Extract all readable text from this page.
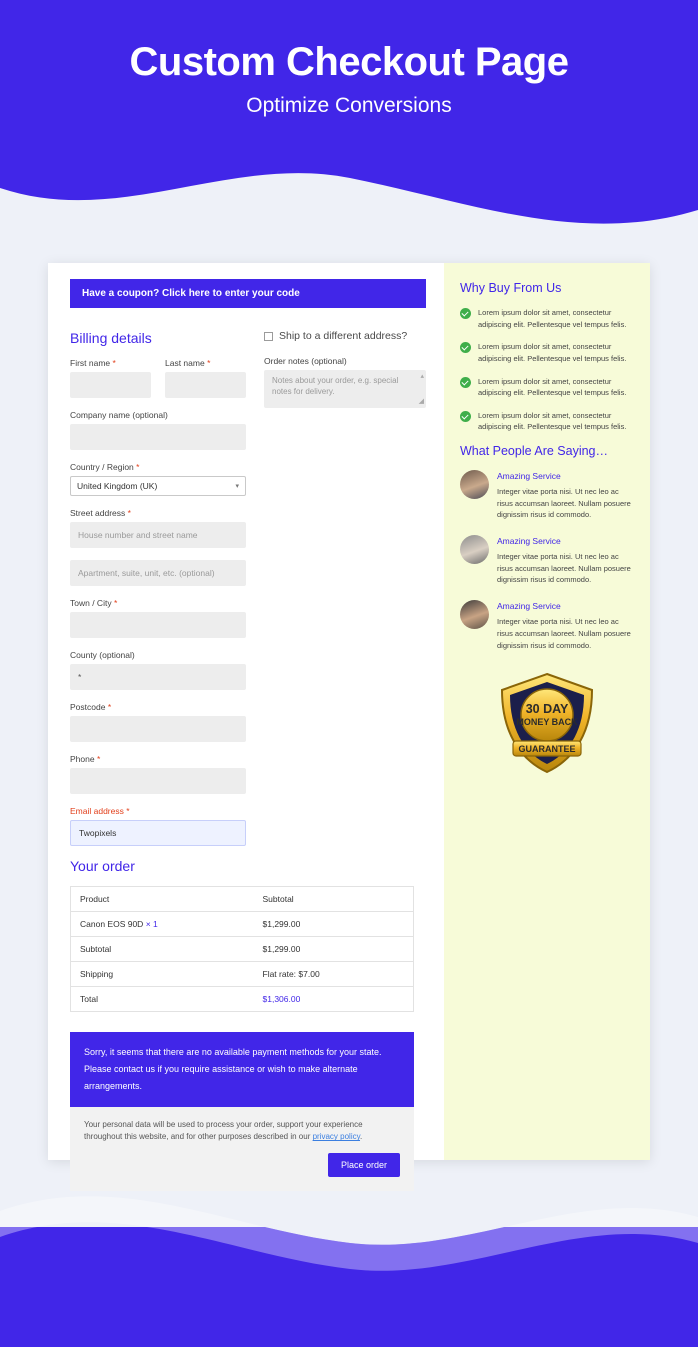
Custom Checkout Page
Optimize Conversions
Have a coupon? Click here to enter your code
Billing details
First name *	Last name *
Company name (optional)
Country / Region *
United Kingdom (UK)	▾
Street address *
House number and street name
Apartment, suite, unit, etc. (optional)
Town / City *
County (optional)
*
Postcode *
Phone *
Email address *
Twopixels
Ship to a different address?
Order notes (optional)
Notes about your order, e.g. special notes for delivery.
▴
◢
Your order
Product	Subtotal
Canon EOS 90D × 1	$1,299.00
Subtotal	$1,299.00
Shipping	Flat rate: $7.00
Total	$1,306.00
Sorry, it seems that there are no available payment methods for your state. Please contact us if you require assistance or wish to make alternate arrangements.
Your personal data will be used to process your order, support your experience throughout this website, and for other purposes described in our privacy policy.
Place order
Why Buy From Us

Lorem ipsum dolor sit amet, consectetur adipiscing elit. Pellentesque vel tempus felis.

Lorem ipsum dolor sit amet, consectetur adipiscing elit. Pellentesque vel tempus felis.

Lorem ipsum dolor sit amet, consectetur adipiscing elit. Pellentesque vel tempus felis.

Lorem ipsum dolor sit amet, consectetur adipiscing elit. Pellentesque vel tempus felis.

What People Are Saying…

Amazing Service

Integer vitae porta nisi. Ut nec leo ac risus accumsan laoreet. Nullam posuere dignissim risus id commodo.

Amazing Service

Integer vitae porta nisi. Ut nec leo ac risus accumsan laoreet. Nullam posuere dignissim risus id commodo.

Amazing Service

Integer vitae porta nisi. Ut nec leo ac risus accumsan laoreet. Nullam posuere dignissim risus id commodo.

30 DAY
MONEY BACK
GUARANTEE
